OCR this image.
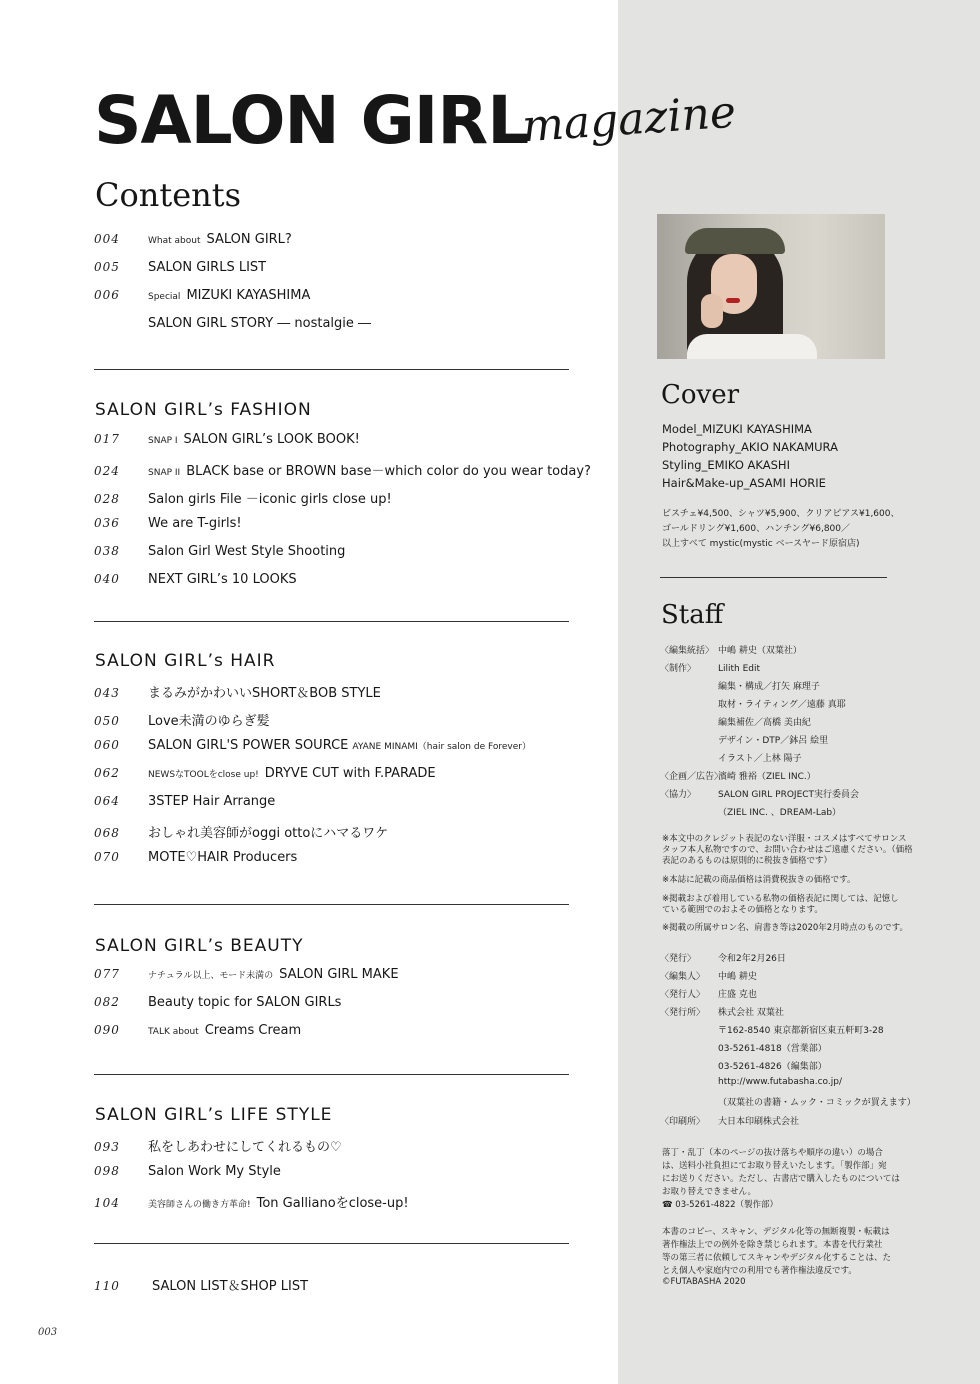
SALON GIRL
magazine
Contents
004	What about SALON GIRL?
005	SALON GIRLS LIST
006	Special MIZUKI KAYASHIMA
SALON GIRL STORY ― nostalgie ―
SALON GIRL’s FASHION
017	SNAP I SALON GIRL’s LOOK BOOK!
024	SNAP II BLACK base or BROWN base－which color do you wear today?
028	Salon girls File －iconic girls close up!
036	We are T-girls!
038	Salon Girl West Style Shooting
040	NEXT GIRL’s 10 LOOKS
SALON GIRL’s HAIR
043	まるみがかわいいSHORT＆BOB STYLE
050	Love未満のゆらぎ髪
060	SALON GIRL'S POWER SOURCE AYANE MINAMI（hair salon de Forever）
062	NEWSなTOOLをclose up! DRYVE CUT with F.PARADE
064	3STEP Hair Arrange
068	おしゃれ美容師がoggi ottoにハマるワケ
070	MOTE♡HAIR Producers
SALON GIRL’s BEAUTY
077	ナチュラル以上、モード未満の SALON GIRL MAKE
082	Beauty topic for SALON GIRLs
090	TALK about Creams Cream
SALON GIRL’s LIFE STYLE
093	私をしあわせにしてくれるもの♡
098	Salon Work My Style
104	美容師さんの働き方革命! Ton Gallianoをclose-up!
110	SALON LIST＆SHOP LIST
003
Cover
Model_MIZUKI KAYASHIMA
Photography_AKIO NAKAMURA
Styling_EMIKO AKASHI
Hair&Make-up_ASAMI HORIE
ビスチェ¥4,500、シャツ¥5,900、クリアピアス¥1,600、
ゴールドリング¥1,600、ハンチング¥6,800／
以上すべて mystic(mystic ベースヤード原宿店)
Staff
〈編集統括〉 中嶋 耕史（双葉社）
〈制作〉 Lilith Edit
編集・構成／打矢 麻理子
取材・ライティング／遠藤 真耶
編集補佐／高橋 美由紀
デザイン・DTP／鉢呂 絵里
イラスト／上林 陽子
〈企画／広告〉濱崎 雅裕（ZIEL INC.）
〈協力〉 SALON GIRL PROJECT実行委員会
（ZIEL INC. 、DREAM-Lab）
※本文中のクレジット表記のない洋服・コスメはすべてサロンス
タッフ本人私物ですので、お問い合わせはご遠慮ください。（価格
表記のあるものは原則的に税抜き価格です）
※本誌に記載の商品価格は消費税抜きの価格です。
※掲載および着用している私物の価格表記に関しては、記憶し
ている範囲でのおよその価格となります。
※掲載の所属サロン名、肩書き等は2020年2月時点のものです。
〈発行〉 令和2年2月26日
〈編集人〉 中嶋 耕史
〈発行人〉 庄盛 克也
〈発行所〉 株式会社 双葉社
〒162-8540 東京都新宿区東五軒町3-28
03-5261-4818（営業部）
03-5261-4826（編集部）
http://www.futabasha.co.jp/
（双葉社の書籍・ムック・コミックが買えます）
〈印刷所〉 大日本印刷株式会社
落丁・乱丁（本のページの抜け落ちや順序の違い）の場合
は、送料小社負担にてお取り替えいたします。「製作部」宛
にお送りください。ただし、古書店で購入したものについては
お取り替えできません。
☎ 03-5261-4822（製作部）
本書のコピー、スキャン、デジタル化等の無断複製・転載は
著作権法上での例外を除き禁じられます。本書を代行業社
等の第三者に依頼してスキャンやデジタル化することは、た
とえ個人や家庭内での利用でも著作権法違反です。
©FUTABASHA 2020
